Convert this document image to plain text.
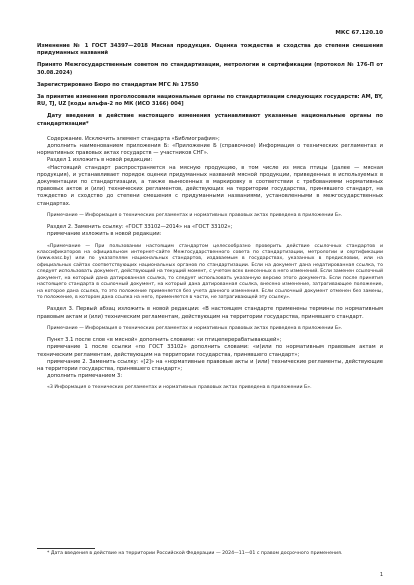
МКС 67.120.10

Изменение № 1 ГОСТ 34397—2018 Мясная продукция. Оценка тождества и сходства до степени смешения придуманных названий

Принято Межгосударственным советом по стандартизации, метрологии и сертификации (протокол № 176-П от 30.08.2024)

Зарегистрировано Бюро по стандартам МГС № 17550

За принятие изменения проголосовали национальные органы по стандартизации следующих государств: AM, BY, RU, TJ, UZ [коды альфа-2 по МК (ИСО 3166) 004]

Дату введения в действие настоящего изменения устанавливают указанные национальные органы по стандартизации*

Содержание. Исключить элемент стандарта «Библиография»;

дополнить наименованием приложения Б: «Приложение Б (справочное) Информация о технических регламентах и нормативных правовых актах государств — участников СНГ».

Раздел 1 изложить в новой редакции:

«Настоящий стандарт распространяется на мясную продукцию, в том числе из мяса птицы (далее — мясная продукция), и устанавливает порядок оценки придуманных названий мясной продукции, приведенных в используемых в документации по стандартизации, а также вынесенных в маркировку в соответствии с требованиями нормативных правовых актов и (или) технических регламентов, действующих на территории государства, принявшего стандарт, на тождество и сходство до степени смешения с придуманными названиями, установленными в межгосударственных стандартах.

Примечание — Информация о технических регламентах и нормативных правовых актах приведена в приложении Б».

Раздел 2. Заменить ссылку: «ГОСТ 33102—2014» на «ГОСТ 33102»;

примечание изложить в новой редакции:

«Примечание — При пользовании настоящим стандартом целесообразно проверить действие ссылочных стандартов и классификаторов на официальном интернет-сайте Межгосударственного совета по стандартизации, метрологии и сертификации (www.easc.by) или по указателям национальных стандартов, издаваемым в государствах, указанных в предисловии, или на официальных сайтах соответствующих национальных органов по стандартизации. Если на документ дана недатированная ссылка, то следует использовать документ, действующий на текущий момент, с учетом всех внесенных в него изменений. Если заменен ссылочный документ, на который дана датированная ссылка, то следует использовать указанную версию этого документа. Если после принятия настоящего стандарта в ссылочный документ, на который дана датированная ссылка, внесено изменение, затрагивающее положение, на которое дана ссылка, то это положение применяется без учета данного изменения. Если ссылочный документ отменен без замены, то положение, в котором дана ссылка на него, применяется в части, не затрагивающей эту ссылку».

Раздел 3. Первый абзац изложить в новой редакции: «В настоящем стандарте применены термины по нормативным правовым актам и (или) техническим регламентам, действующим на территории государства, принявшего стандарт.

Примечание — Информация о технических регламентах и нормативных правовых актах приведена в приложении Б».

Пункт 3.1 после слов «в мясной» дополнить словами: «и птицеперерабатывающей»;

примечание 1 после ссылки «по ГОСТ 33102» дополнить словами: «и(или по нормативным правовым актам и техническим регламентам, действующим на территории государства, принявшего стандарт»;

примечание 2. Заменить ссылку: «[2]» на «нормативные правовые акты и (или) технические регламенты, действующие на территории государства, принявшего стандарт»;

дополнить примечанием 3:

«3 Информация о технических регламентах и нормативных правовых актах приведена в приложении Б».

* Дата введения в действие на территории Российской Федерации — 2024—11—01 с правом досрочного применения.

1
